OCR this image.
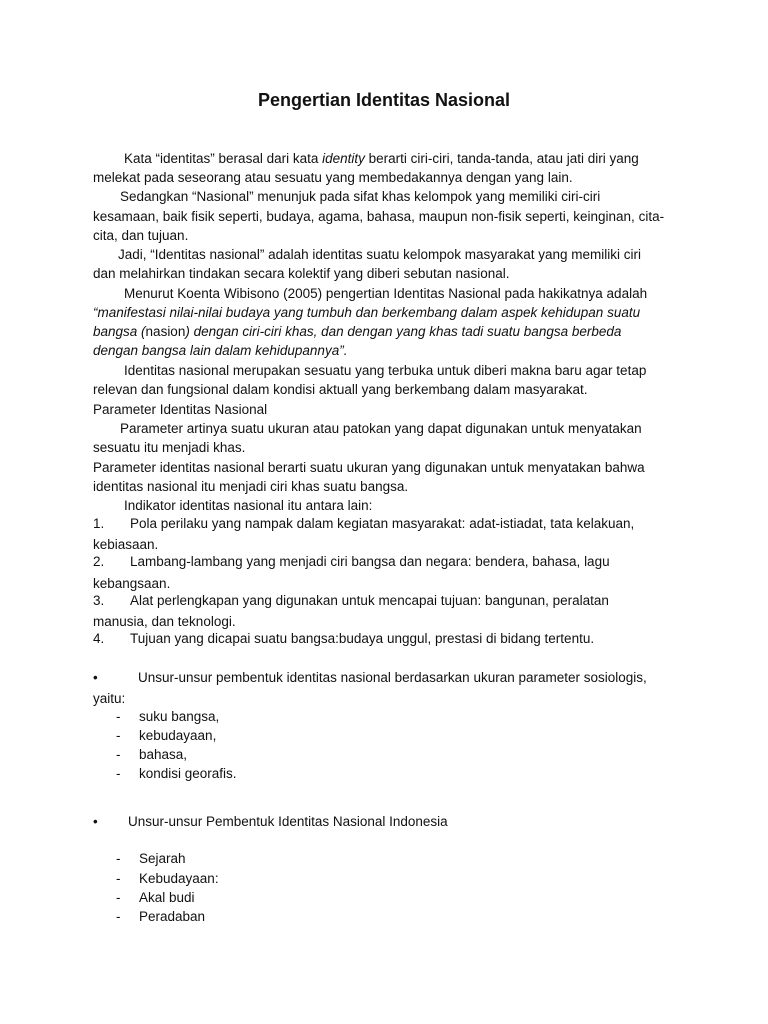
Pengertian Identitas Nasional
Kata “identitas” berasal dari kata identity berarti ciri-ciri, tanda-tanda, atau jati diri yang
melekat pada seseorang atau sesuatu yang membedakannya dengan yang lain.
Sedangkan “Nasional” menunjuk pada sifat khas kelompok yang memiliki ciri-ciri
kesamaan, baik fisik seperti, budaya, agama, bahasa, maupun non-fisik seperti, keinginan, cita-
cita, dan tujuan.
Jadi, “Identitas nasional” adalah identitas suatu kelompok masyarakat yang memiliki ciri
dan melahirkan tindakan secara kolektif yang diberi sebutan nasional.
Menurut Koenta Wibisono (2005) pengertian Identitas Nasional pada hakikatnya adalah
“manifestasi nilai-nilai budaya yang tumbuh dan berkembang dalam aspek kehidupan suatu
bangsa (nasion) dengan ciri-ciri khas, dan dengan yang khas tadi suatu bangsa berbeda
dengan bangsa lain dalam kehidupannya”.
Identitas nasional merupakan sesuatu yang terbuka untuk diberi makna baru agar tetap
relevan dan fungsional dalam kondisi aktuall yang berkembang dalam masyarakat.
Parameter Identitas Nasional
Parameter artinya suatu ukuran atau patokan yang dapat digunakan untuk menyatakan
sesuatu itu menjadi khas.
Parameter identitas nasional berarti suatu ukuran yang digunakan untuk menyatakan bahwa
identitas nasional itu menjadi ciri khas suatu bangsa.
Indikator identitas nasional itu antara lain:
1. Pola perilaku yang nampak dalam kegiatan masyarakat: adat-istiadat, tata kelakuan,
kebiasaan.
2. Lambang-lambang yang menjadi ciri bangsa dan negara: bendera, bahasa, lagu
kebangsaan.
3. Alat perlengkapan yang digunakan untuk mencapai tujuan: bangunan, peralatan
manusia, dan teknologi.
4. Tujuan yang dicapai suatu bangsa:budaya unggul, prestasi di bidang tertentu.
•	Unsur-unsur pembentuk identitas nasional berdasarkan ukuran parameter sosiologis,
yaitu:
- suku bangsa,
- kebudayaan,
- bahasa,
- kondisi georafis.
• Unsur-unsur Pembentuk Identitas Nasional Indonesia
- Sejarah
- Kebudayaan:
- Akal budi
- Peradaban
